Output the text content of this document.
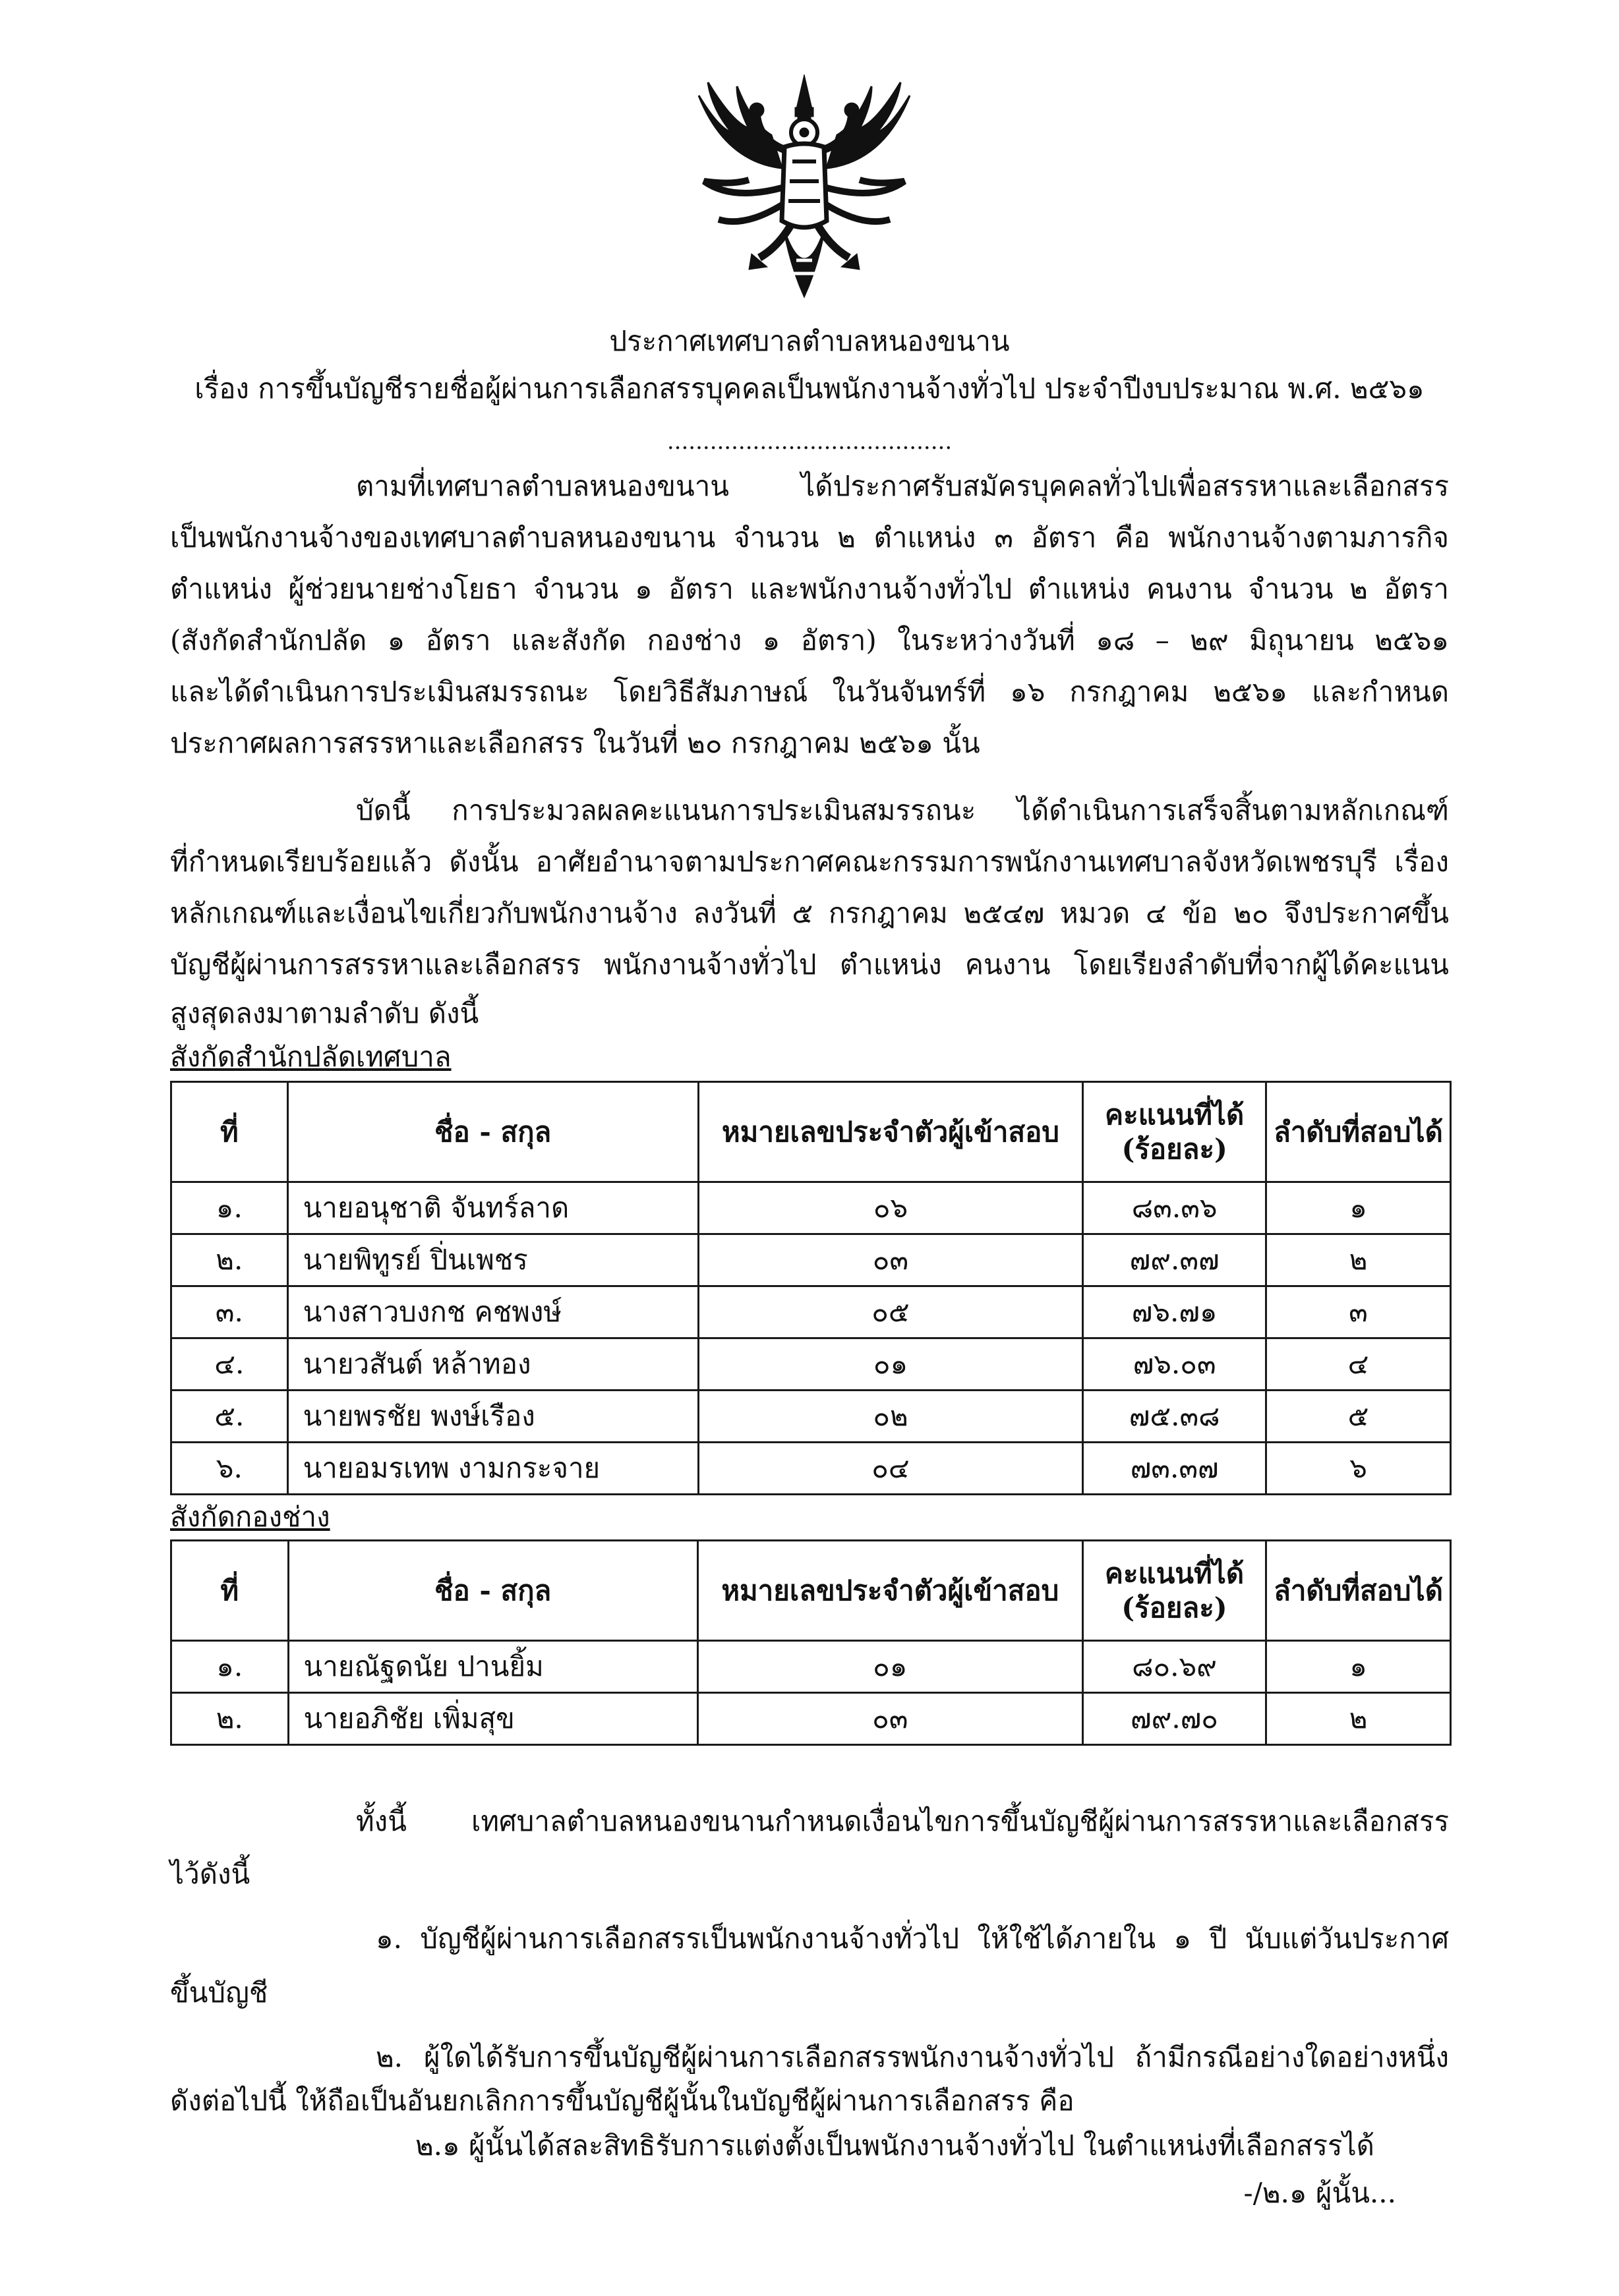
ประกาศเทศบาลตำบลหนองขนาน
เรื่อง การขึ้นบัญชีรายชื่อผู้ผ่านการเลือกสรรบุคคลเป็นพนักงานจ้างทั่วไป ประจำปีงบประมาณ พ.ศ. ๒๕๖๑
........................................
ตามที่เทศบาลตำบลหนองขนาน ได้ประกาศรับสมัครบุคคลทั่วไปเพื่อสรรหาและเลือกสรร
เป็นพนักงานจ้างของเทศบาลตำบลหนองขนาน จำนวน ๒ ตำแหน่ง ๓ อัตรา คือ พนักงานจ้างตามภารกิจ
ตำแหน่ง ผู้ช่วยนายช่างโยธา จำนวน ๑ อัตรา และพนักงานจ้างทั่วไป ตำแหน่ง คนงาน จำนวน ๒ อัตรา
(สังกัดสำนักปลัด ๑ อัตรา และสังกัด กองช่าง ๑ อัตรา) ในระหว่างวันที่ ๑๘ – ๒๙ มิถุนายน ๒๕๖๑
และได้ดำเนินการประเมินสมรรถนะ โดยวิธีสัมภาษณ์ ในวันจันทร์ที่ ๑๖ กรกฎาคม ๒๕๖๑ และกำหนด
ประกาศผลการสรรหาและเลือกสรร ในวันที่ ๒๐ กรกฎาคม ๒๕๖๑ นั้น
บัดนี้ การประมวลผลคะแนนการประเมินสมรรถนะ ได้ดำเนินการเสร็จสิ้นตามหลักเกณฑ์
ที่กำหนดเรียบร้อยแล้ว ดังนั้น อาศัยอำนาจตามประกาศคณะกรรมการพนักงานเทศบาลจังหวัดเพชรบุรี เรื่อง
หลักเกณฑ์และเงื่อนไขเกี่ยวกับพนักงานจ้าง ลงวันที่ ๕ กรกฎาคม ๒๕๔๗ หมวด ๔ ข้อ ๒๐ จึงประกาศขึ้น
บัญชีผู้ผ่านการสรรหาและเลือกสรร พนักงานจ้างทั่วไป ตำแหน่ง คนงาน โดยเรียงลำดับที่จากผู้ได้คะแนน
สูงสุดลงมาตามลำดับ ดังนี้
สังกัดสำนักปลัดเทศบาล
ที่	ชื่อ - สกุล	หมายเลขประจำตัวผู้เข้าสอบ	คะแนนที่ได้
(ร้อยละ)	ลำดับที่สอบได้
๑.	นายอนุชาติ จันทร์ลาด	๐๖	๘๓.๓๖	๑
๒.	นายพิทูรย์ ปิ่นเพชร	๐๓	๗๙.๓๗	๒
๓.	นางสาวบงกช คชพงษ์	๐๕	๗๖.๗๑	๓
๔.	นายวสันต์ หล้าทอง	๐๑	๗๖.๐๓	๔
๕.	นายพรชัย พงษ์เรือง	๐๒	๗๕.๓๘	๕
๖.	นายอมรเทพ งามกระจาย	๐๔	๗๓.๓๗	๖
สังกัดกองช่าง
ที่	ชื่อ - สกุล	หมายเลขประจำตัวผู้เข้าสอบ	คะแนนที่ได้
(ร้อยละ)	ลำดับที่สอบได้
๑.	นายณัฐดนัย ปานยิ้ม	๐๑	๘๐.๖๙	๑
๒.	นายอภิชัย เพิ่มสุข	๐๓	๗๙.๗๐	๒
ทั้งนี้ เทศบาลตำบลหนองขนานกำหนดเงื่อนไขการขึ้นบัญชีผู้ผ่านการสรรหาและเลือกสรร
ไว้ดังนี้
๑. บัญชีผู้ผ่านการเลือกสรรเป็นพนักงานจ้างทั่วไป ให้ใช้ได้ภายใน ๑ ปี นับแต่วันประกาศ
ขึ้นบัญชี
๒. ผู้ใดได้รับการขึ้นบัญชีผู้ผ่านการเลือกสรรพนักงานจ้างทั่วไป ถ้ามีกรณีอย่างใดอย่างหนึ่ง
ดังต่อไปนี้ ให้ถือเป็นอันยกเลิกการขึ้นบัญชีผู้นั้นในบัญชีผู้ผ่านการเลือกสรร คือ
๒.๑ ผู้นั้นได้สละสิทธิรับการแต่งตั้งเป็นพนักงานจ้างทั่วไป ในตำแหน่งที่เลือกสรรได้
-/๒.๑ ผู้นั้น...
